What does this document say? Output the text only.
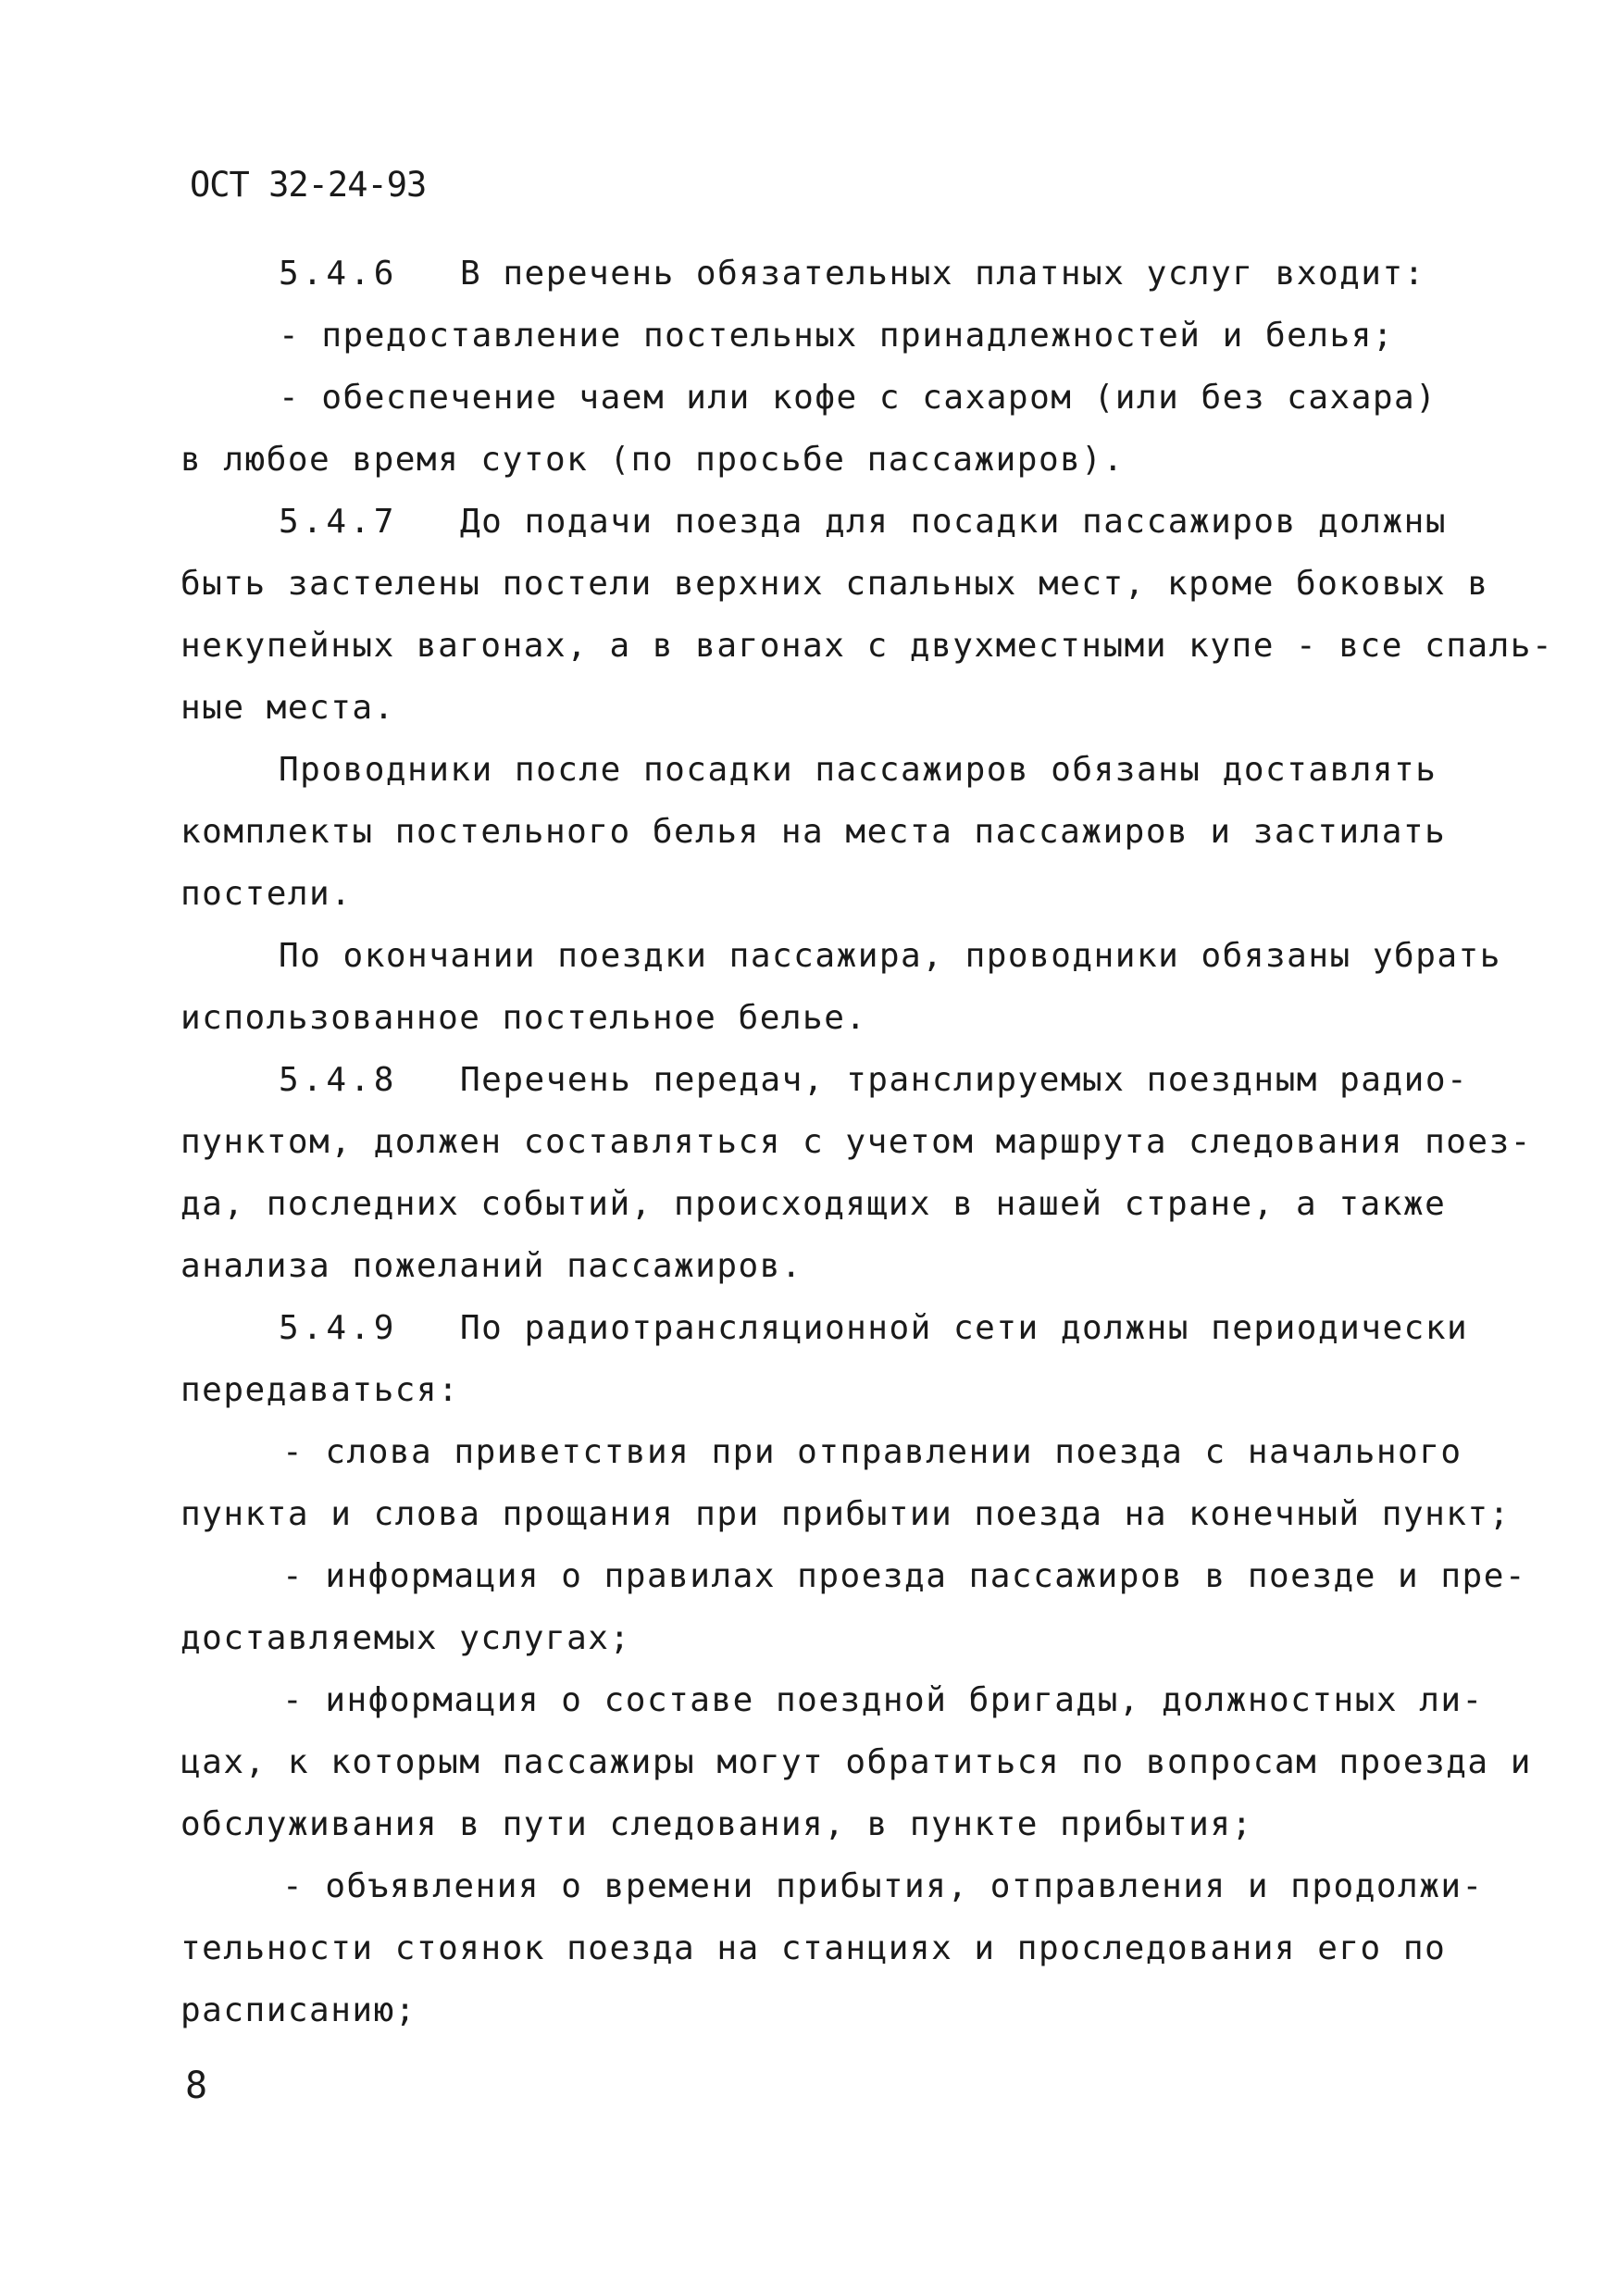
ОСТ 32-24-93
5.4.6 В перечень обязательных платных услуг входит:
- предоставление постельных принадлежностей и белья;
- обеспечение чаем или кофе с сахаром (или без сахара)
в любое время суток (по просьбе пассажиров).
5.4.7 До подачи поезда для посадки пассажиров должны
быть застелены постели верхних спальных мест, кроме боковых в
некупейных вагонах, а в вагонах с двухместными купе - все спаль-
ные места.
Проводники после посадки пассажиров обязаны доставлять
комплекты постельного белья на места пассажиров и застилать
постели.
По окончании поездки пассажира, проводники обязаны убрать
использованное постельное белье.
5.4.8 Перечень передач, транслируемых поездным радио-
пунктом, должен составляться с учетом маршрута следования поез-
да, последних событий, происходящих в нашей стране, а также
анализа пожеланий пассажиров.
5.4.9 По радиотрансляционной сети должны периодически
передаваться:
- слова приветствия при отправлении поезда с начального
пункта и слова прощания при прибытии поезда на конечный пункт;
- информация о правилах проезда пассажиров в поезде и пре-
доставляемых услугах;
- информация о составе поездной бригады, должностных ли-
цах, к которым пассажиры могут обратиться по вопросам проезда и
обслуживания в пути следования, в пункте прибытия;
- объявления о времени прибытия, отправления и продолжи-
тельности стоянок поезда на станциях и проследования его по
расписанию;
8
